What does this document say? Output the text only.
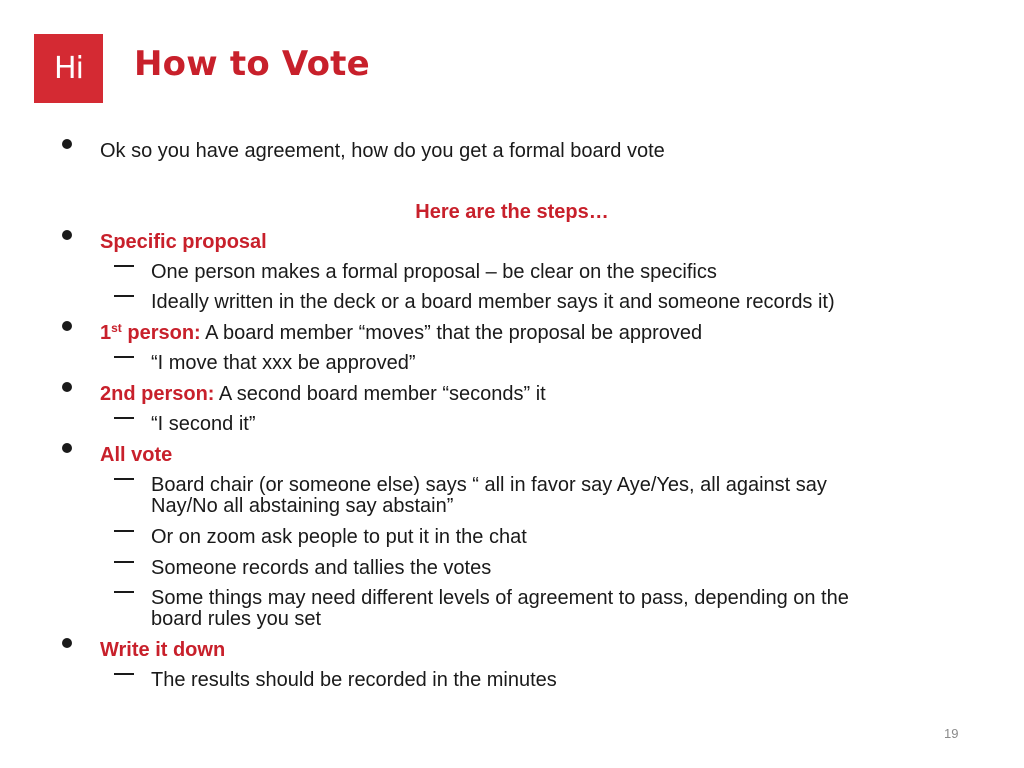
Hi How to Vote
Ok so you have agreement, how do you get a formal board vote
Here are the steps…
Specific proposal
One person makes a formal proposal – be clear on the specifics
Ideally written in the deck or a board member says it and someone records it)
1st person: A board member “moves” that the proposal be approved
“I move that xxx be approved”
2nd person: A second board member “seconds” it
“I second it”
All vote
Board chair (or someone else) says “ all in favor say Aye/Yes, all against say
Nay/No all abstaining say abstain”
Or on zoom ask people to put it in the chat
Someone records and tallies the votes
Some things may need different levels of agreement to pass, depending on the
board rules you set
Write it down
The results should be recorded in the minutes
19
